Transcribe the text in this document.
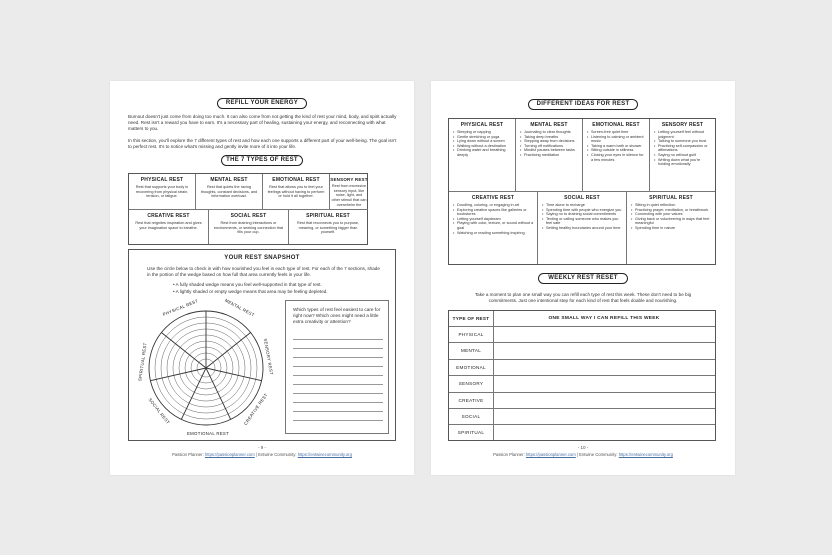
REFILL YOUR ENERGY
Burnout doesn't just come from doing too much. It can also come from not getting the kind of rest your mind, body, and spirit actually need. Rest isn't a reward you have to earn. It's a necessary part of healing, sustaining your energy, and reconnecting with what matters to you.
In this section, you'll explore the 7 different types of rest and how each one supports a different part of your well-being. The goal isn't to perfect rest. It's to notice what's missing and gently invite more of it into your life.
THE 7 TYPES OF REST
PHYSICAL REST

Rest that supports your body in recovering from physical strain, tension, or fatigue.

MENTAL REST

Rest that quiets the racing thoughts, constant decisions, and information overload.

EMOTIONAL REST

Rest that allows you to feel your feelings without having to perform or hold it all together.

SENSORY REST

Rest from excessive sensory input, like noise, light, and other stimuli that can overwhelm the senses.

CREATIVE REST

Rest that reignites inspiration and gives your imagination space to breathe.

SOCIAL REST

Rest from draining interactions or environments, or seeking connection that fills your cup.

SPIRITUAL REST

Rest that reconnects you to purpose, meaning, or something bigger than yourself.

YOUR REST SNAPSHOT
Use the circle below to check in with how nourished you feel in each type of rest. For each of the 7 sections, shade in the portion of the wedge based on how full that area currently feels in your life.
• A fully shaded wedge means you feel well-supported in that type of rest.
• A lightly shaded or empty wedge means that area may be feeling depleted.
PHYSICAL REST	MENTAL REST
SENSORY REST
CREATIVE REST
EMOTIONAL REST
SOCIAL REST
SPIRITUAL REST
Which types of rest feel easiest to care for right now? Which ones might need a little extra creativity or attention?
- 9 -
Passion Planner: https://passionplanner.com | Entwine Community: https://entwinecommunity.org
DIFFERENT IDEAS FOR REST
PHYSICAL REST
• Sleeping or napping
• Gentle stretching or yoga
• Lying down without a screen
• Walking without a destination
• Drinking water and breathing deeply
MENTAL REST
• Journaling to clear thoughts
• Taking deep breaths
• Stepping away from decisions
• Turning off notifications
• Mindful pauses between tasks
• Practicing meditation
EMOTIONAL REST
• Screen-free quiet time
• Listening to calming or ambient music
• Taking a warm bath or shower
• Sitting outside in stillness
• Closing your eyes in silence for a few minutes
SENSORY REST
• Letting yourself feel without judgment
• Talking to someone you trust
• Practicing self-compassion or affirmations
• Saying no without guilt
• Writing down what you're holding emotionally
CREATIVE REST
• Doodling, coloring, or engaging in art
• Exploring creative spaces like galleries or bookstores
• Letting yourself daydream
• Playing with color, texture, or sound without a goal
• Watching or reading something inspiring
SOCIAL REST
• Time alone to recharge
• Spending time with people who energize you
• Saying no to draining social commitments
• Texting or calling someone who makes you feel safe
• Setting healthy boundaries around your time
SPIRITUAL REST
• Sitting in quiet reflection
• Practicing prayer, meditation, or breathwork
• Connecting with your values
• Giving back or volunteering in ways that feel meaningful
• Spending time in nature
WEEKLY REST RESET
Take a moment to plan one small way you can refill each type of rest this week. These don't need to be big commitments. Just one intentional step for each kind of rest that feels doable and nourishing.
TYPE OF REST	ONE SMALL WAY I CAN REFILL THIS WEEK
PHYSICAL
MENTAL
EMOTIONAL
SENSORY
CREATIVE
SOCIAL
SPIRITUAL
- 10 -
Passion Planner: https://passionplanner.com | Entwine Community: https://entwinecommunity.org
